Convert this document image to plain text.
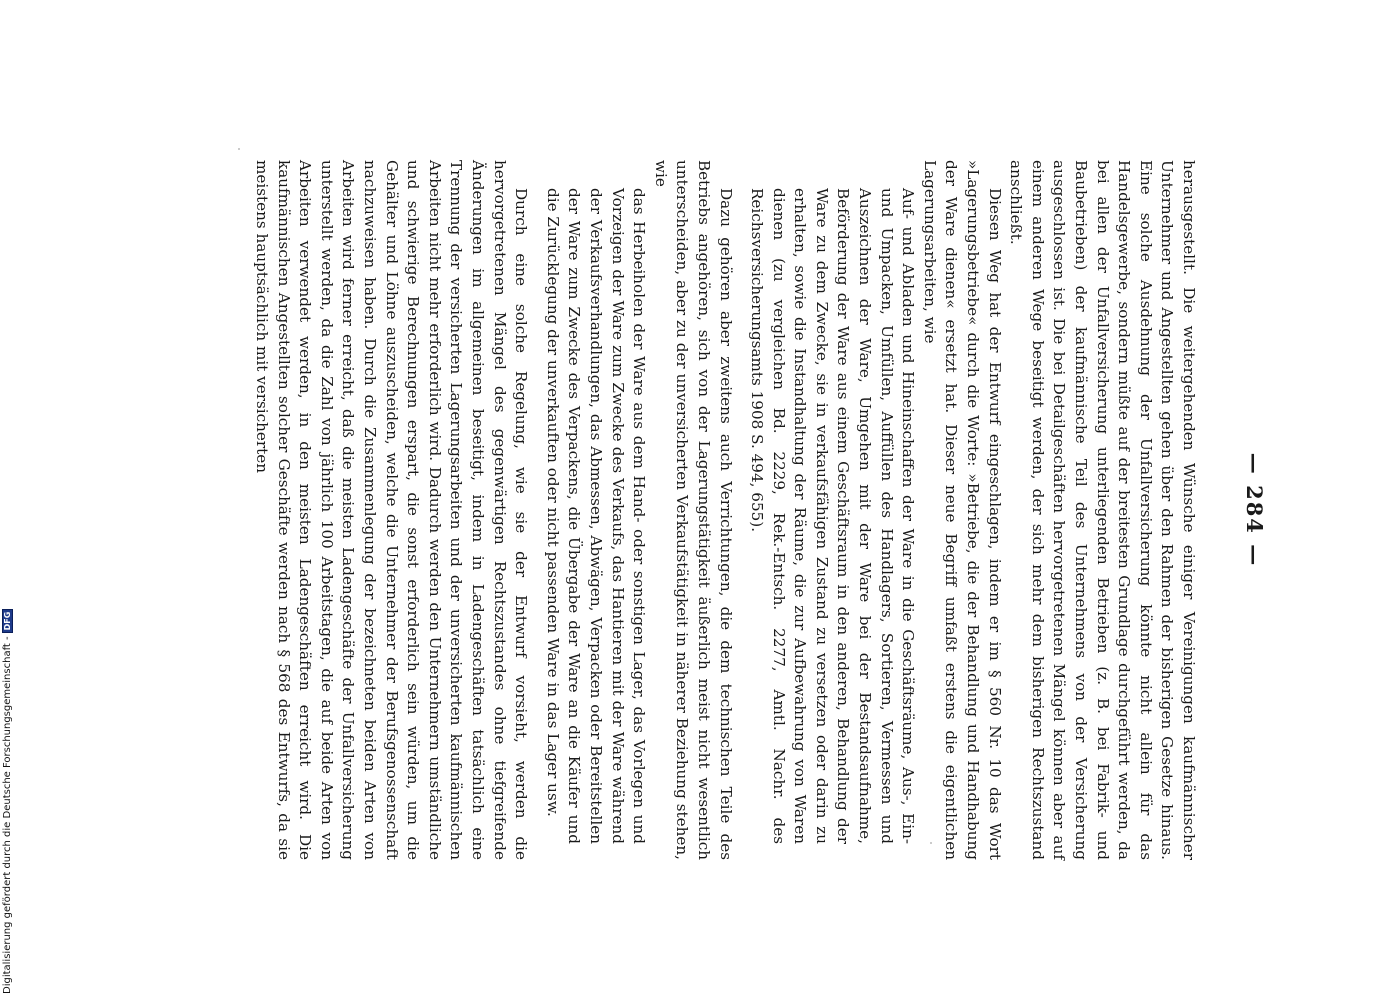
— 284 —

herausgestellt. Die weitergehenden Wünsche einiger Vereinigungen kaufmännischer Unternehmer und Angestellten gehen über den Rahmen der bisherigen Gesetze hinaus. Eine solche Ausdehnung der Unfallversicherung könnte nicht allein für das Handelsgewerbe, sondern müßte auf der breitesten Grundlage durchgeführt werden, da bei allen der Unfallversicherung unterliegenden Betrieben (z. B. bei Fabrik- und Baubetrieben) der kaufmännische Teil des Unternehmens von der Versicherung ausgeschlossen ist. Die bei Detailgeschäften hervorgetretenen Mängel können aber auf einem anderen Wege beseitigt werden, der sich mehr dem bisherigen Rechtszustand anschließt.

Diesen Weg hat der Entwurf eingeschlagen, indem er im § 560 Nr. 10 das Wort »Lagerungsbetriebe« durch die Worte: »Betriebe, die der Behandlung und Handhabung der Ware dienen« ersetzt hat. Dieser neue Begriff umfaßt erstens die eigentlichen Lagerungsarbeiten, wie

Auf- und Abladen und Hineinschaffen der Ware in die Geschäftsräume, Aus-, Ein- und Umpacken, Umfüllen, Auffüllen des Handlagers, Sortieren, Vermessen und Auszeichnen der Ware, Umgehen mit der Ware bei der Bestandsaufnahme, Beförderung der Ware aus einem Geschäftsraum in den anderen, Behandlung der Ware zu dem Zwecke, sie in verkaufsfähigen Zustand zu versetzen oder darin zu erhalten, sowie die Instandhaltung der Räume, die zur Aufbewahrung von Waren dienen (zu vergleichen Bd. 2229, Rek.-Entsch. 2277, Amtl. Nachr. des Reichsversicherungsamts 1908 S. 494, 655).

Dazu gehören aber zweitens auch Verrichtungen, die dem technischen Teile des Betriebs angehören, sich von der Lagerungstätigkeit äußerlich meist nicht wesentlich unterscheiden, aber zu der unversicherten Verkaufstätigkeit in näherer Beziehung stehen, wie

das Herbeiholen der Ware aus dem Hand- oder sonstigen Lager, das Vorlegen und Vorzeigen der Ware zum Zwecke des Verkaufs, das Hantieren mit der Ware während der Verkaufsverhandlungen, das Abmessen, Abwägen, Verpacken oder Bereitstellen der Ware zum Zwecke des Verpackens, die Übergabe der Ware an die Käufer und die Zurücklegung der unverkauften oder nicht passenden Ware in das Lager usw.

Durch eine solche Regelung, wie sie der Entwurf vorsieht, werden die hervorgetretenen Mängel des gegenwärtigen Rechtszustandes ohne tiefgreifende Änderungen im allgemeinen beseitigt, indem in Ladengeschäften tatsächlich eine Trennung der versicherten Lagerungsarbeiten und der unversicherten kaufmännischen Arbeiten nicht mehr erforderlich wird. Dadurch werden den Unternehmern umständliche und schwierige Berechnungen erspart, die sonst erforderlich sein würden, um die Gehälter und Löhne auszuscheiden, welche die Unternehmer der Berufsgenossenschaft nachzuweisen haben. Durch die Zusammenlegung der bezeichneten beiden Arten von Arbeiten wird ferner erreicht, daß die meisten Ladengeschäfte der Unfallversicherung unterstellt werden, da die Zahl von jährlich 100 Arbeitstagen, die auf beide Arten von Arbeiten verwendet werden, in den meisten Ladengeschäften erreicht wird. Die kaufmännischen Angestellten solcher Geschäfte werden nach § 568 des Entwurfs, da sie meistens hauptsächlich mit versicherten

Digitalisierung gefördert durch die Deutsche Forschungsgemeinschaft -
DFG
